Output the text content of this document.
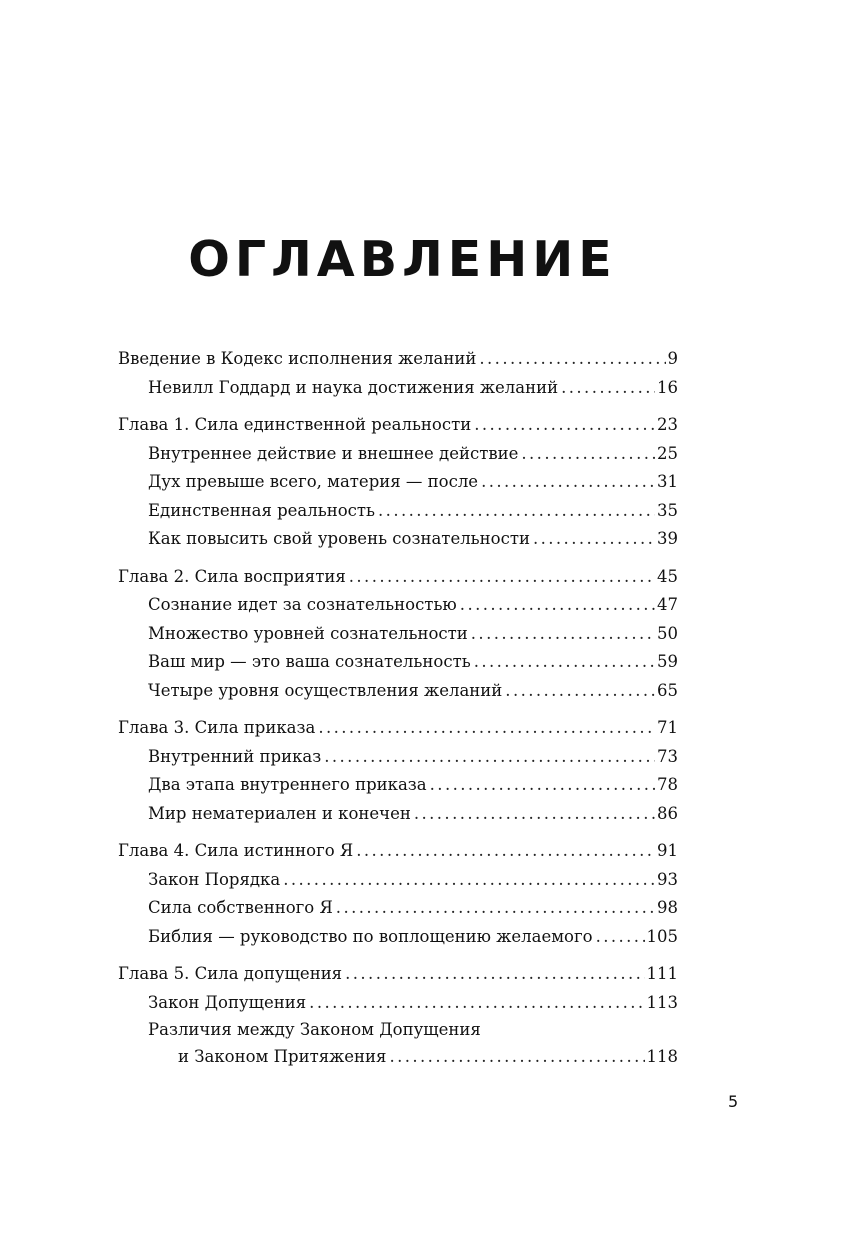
ОГЛАВЛЕНИЕ
Введение в Кодекс исполнения желаний .....	9
Невилл Годдард и наука достижения желаний .....	16
Глава 1. Сила единственной реальности .....	23
Внутреннее действие и внешнее действие .....	25
Дух превыше всего, материя — после .....	31
Единственная реальность .....	35
Как повысить свой уровень сознательности .....	39
Глава 2. Сила восприятия .....	45
Сознание идет за сознательностью .....	47
Множество уровней сознательности .....	50
Ваш мир — это ваша сознательность .....	59
Четыре уровня осуществления желаний .....	65
Глава 3. Сила приказа .....	71
Внутренний приказ .....	73
Два этапа внутреннего приказа .....	78
Мир нематериален и конечен .....	86
Глава 4. Сила истинного Я .....	91
Закон Порядка .....	93
Сила собственного Я .....	98
Библия — руководство по воплощению желаемого .....	105
Глава 5. Сила допущения .....	111
Закон Допущения .....	113
Различия между Законом Допущения
и Законом Притяжения .....	118
5
